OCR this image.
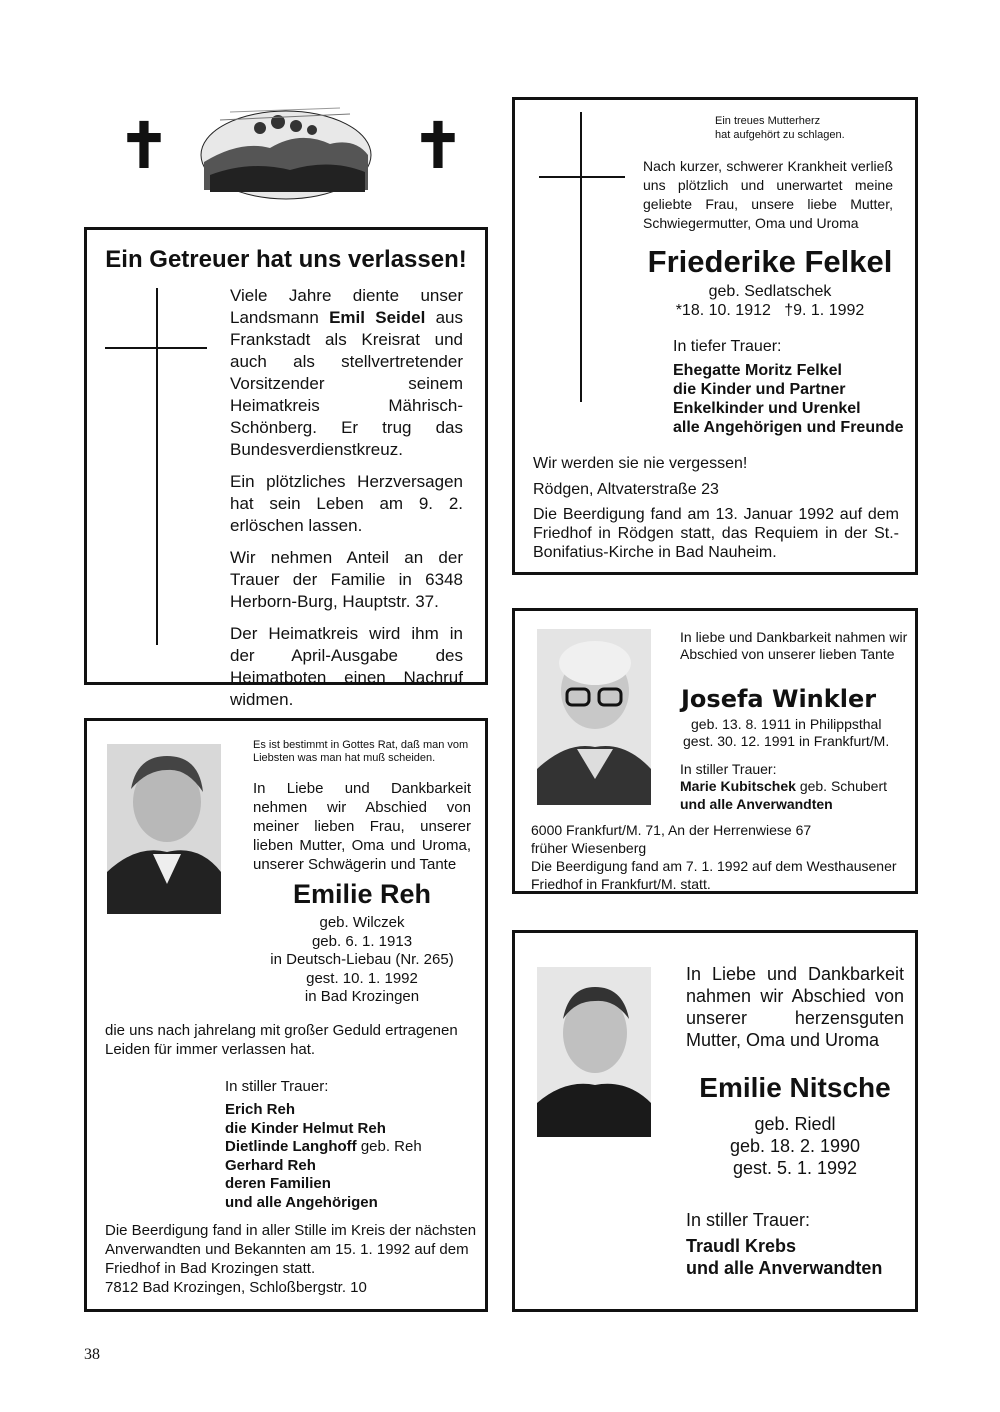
✝	✝
Ein Getreuer hat uns verlassen!

Viele Jahre diente unser Landsmann Emil Seidel aus Frankstadt als Kreisrat und auch als stellvertretender Vorsitzender seinem Heimatkreis Mährisch-Schönberg. Er trug das Bundesverdienstkreuz.

Ein plötzliches Herzversagen hat sein Leben am 9. 2. erlöschen lassen.

Wir nehmen Anteil an der Trauer der Familie in 6348 Herborn-Burg, Hauptstr. 37.

Der Heimatkreis wird ihm in der April-Ausgabe des Heimatboten einen Nachruf widmen.

Ein treues Mutterherz
hat aufgehört zu schlagen.
Nach kurzer, schwerer Krankheit verließ uns plötzlich und unerwartet meine geliebte Frau, unsere liebe Mutter, Schwiegermutter, Oma und Uroma
Friederike Felkel
geb. Sedlatschek
*18. 10. 1912   †9. 1. 1992
In tiefer Trauer:
Ehegatte Moritz Felkel
die Kinder und Partner
Enkelkinder und Urenkel
alle Angehörigen und Freunde
Wir werden sie nie vergessen!
Rödgen, Altvaterstraße 23
Die Beerdigung fand am 13. Januar 1992 auf dem Friedhof in Rödgen statt, das Requiem in der St.-Bonifatius-Kirche in Bad Nauheim.
In liebe und Dankbarkeit nahmen wir Abschied von unserer lieben Tante
Josefa Winkler
geb. 13. 8. 1911 in Philippsthal
gest. 30. 12. 1991 in Frankfurt/M.
In stiller Trauer:
Marie Kubitschek geb. Schubert
und alle Anverwandten
6000 Frankfurt/M. 71, An der Herrenwiese 67
früher Wiesenberg
Die Beerdigung fand am 7. 1. 1992 auf dem Westhausener Friedhof in Frankfurt/M. statt.
Es ist bestimmt in Gottes Rat, daß man vom Liebsten was man hat muß scheiden.
In Liebe und Dankbarkeit nehmen wir Abschied von meiner lieben Frau, unserer lieben Mutter, Oma und Uroma, unserer Schwägerin und Tante
Emilie Reh
geb. Wilczek
geb. 6. 1. 1913
in Deutsch-Liebau (Nr. 265)
gest. 10. 1. 1992
in Bad Krozingen
die uns nach jahrelang mit großer Geduld ertragenen Leiden für immer verlassen hat.
In stiller Trauer:
Erich Reh
die Kinder Helmut Reh
Dietlinde Langhoff geb. Reh
Gerhard Reh
deren Familien
und alle Angehörigen
Die Beerdigung fand in aller Stille im Kreis der nächsten Anverwandten und Bekannten am 15. 1. 1992 auf dem Friedhof in Bad Krozingen statt.
7812 Bad Krozingen, Schloßbergstr. 10
In Liebe und Dankbarkeit nahmen wir Abschied von unserer herzensguten Mutter, Oma und Uroma
Emilie Nitsche
geb. Riedl
geb. 18. 2. 1990
gest. 5. 1. 1992
In stiller Trauer:
Traudl Krebs
und alle Anverwandten
38
